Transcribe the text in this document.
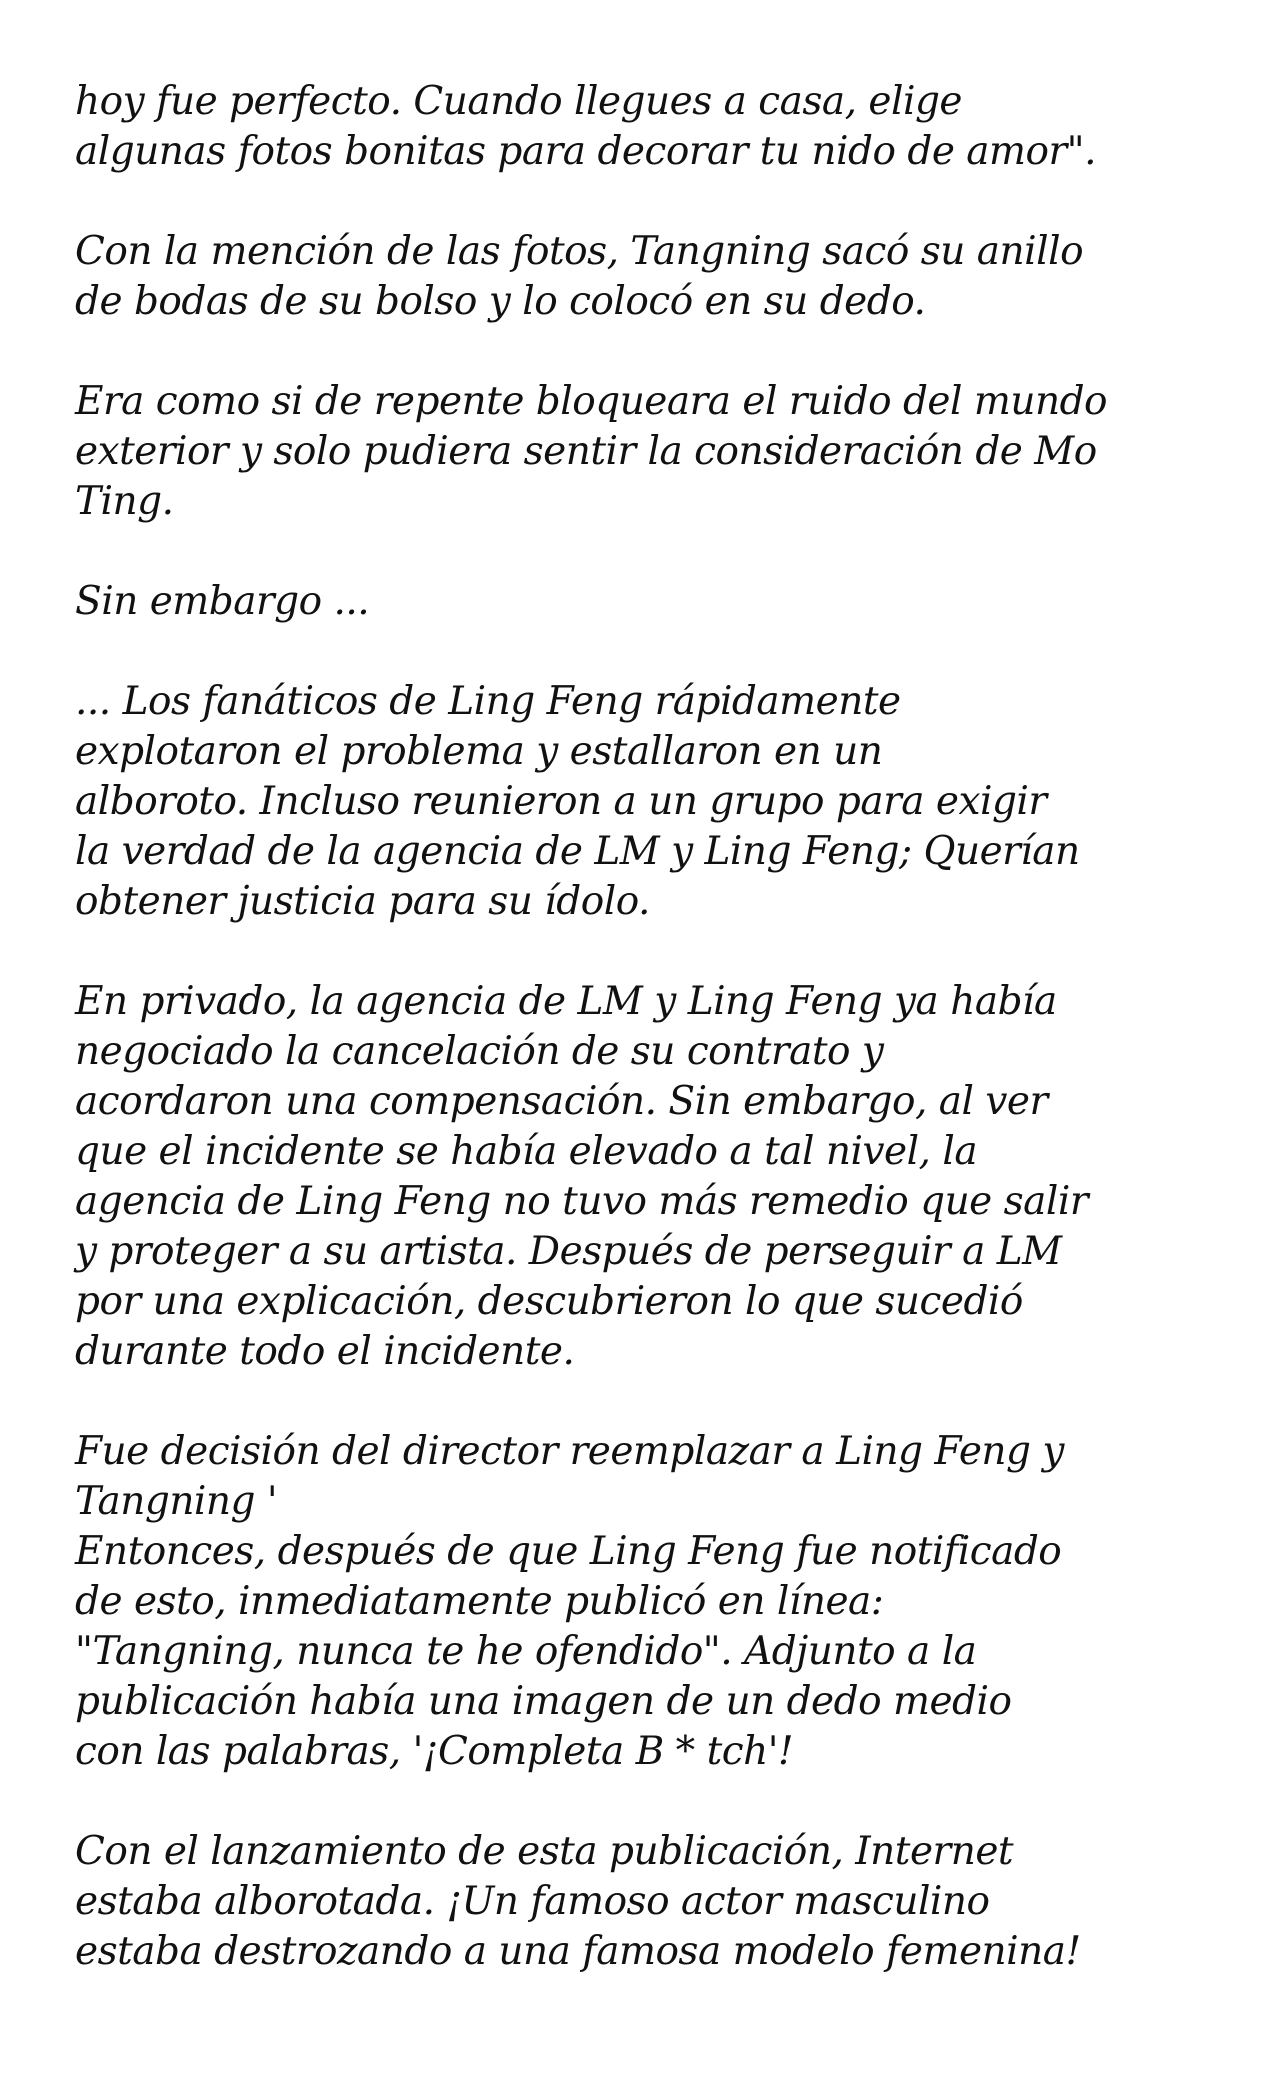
hoy fue perfecto. Cuando llegues a casa, elige
algunas fotos bonitas para decorar tu nido de amor".

Con la mención de las fotos, Tangning sacó su anillo
de bodas de su bolso y lo colocó en su dedo.

Era como si de repente bloqueara el ruido del mundo
exterior y solo pudiera sentir la consideración de Mo
Ting.

Sin embargo ...

... Los fanáticos de Ling Feng rápidamente
explotaron el problema y estallaron en un
alboroto. Incluso reunieron a un grupo para exigir
la verdad de la agencia de LM y Ling Feng; Querían
obtener justicia para su ídolo.

En privado, la agencia de LM y Ling Feng ya había
negociado la cancelación de su contrato y
acordaron una compensación. Sin embargo, al ver
que el incidente se había elevado a tal nivel, la
agencia de Ling Feng no tuvo más remedio que salir
y proteger a su artista. Después de perseguir a LM
por una explicación, descubrieron lo que sucedió
durante todo el incidente.

Fue decisión del director reemplazar a Ling Feng y
Tangning '
Entonces, después de que Ling Feng fue notificado
de esto, inmediatamente publicó en línea:
"Tangning, nunca te he ofendido". Adjunto a la
publicación había una imagen de un dedo medio
con las palabras, '¡Completa B * tch'!

Con el lanzamiento de esta publicación, Internet
estaba alborotada. ¡Un famoso actor masculino
estaba destrozando a una famosa modelo femenina!
